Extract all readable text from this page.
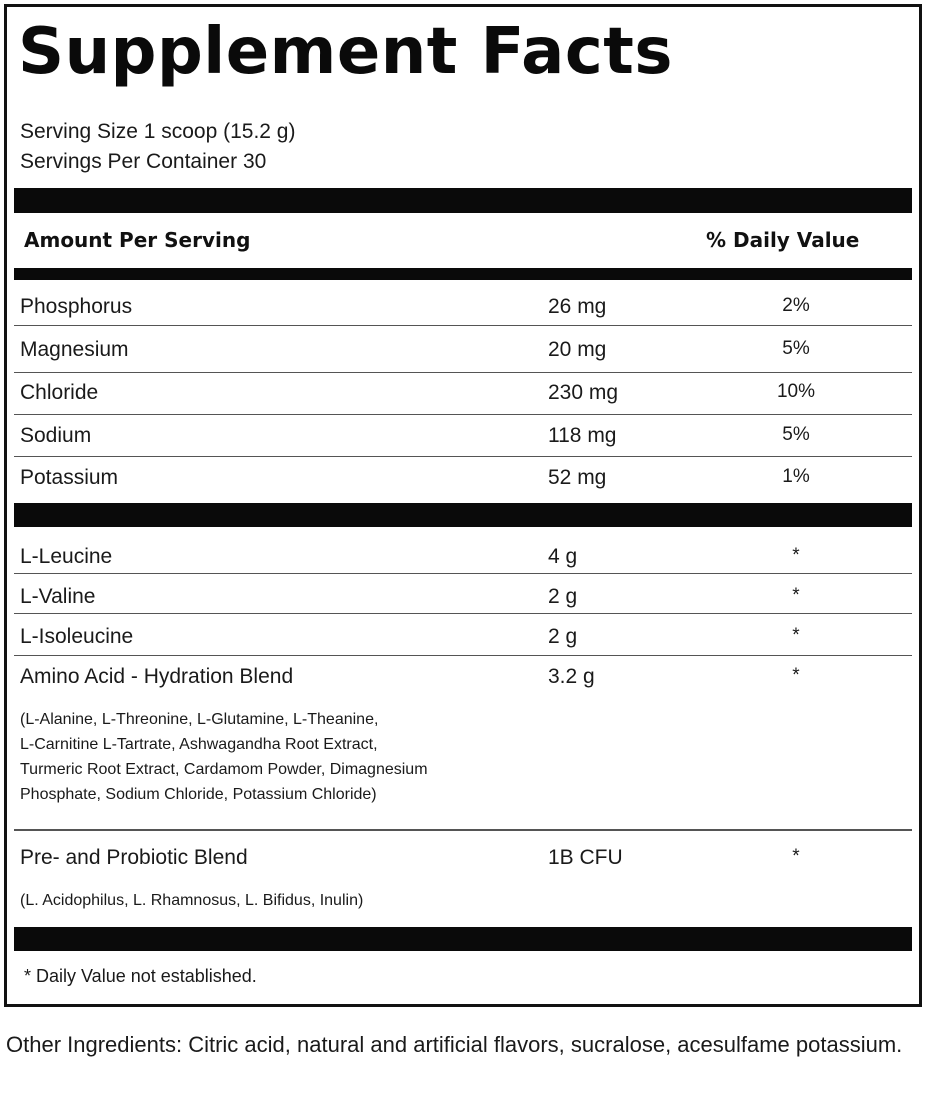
Supplement Facts
Serving Size 1 scoop (15.2 g)
Servings Per Container 30
Amount Per Serving	% Daily Value
Phosphorus	26 mg	2%
Magnesium	20 mg	5%
Chloride	230 mg	10%
Sodium	118 mg	5%
Potassium	52 mg	1%
L-Leucine	4 g	*
L-Valine	2 g	*
L-Isoleucine	2 g	*
Amino Acid - Hydration Blend	3.2 g	*
(L-Alanine, L-Threonine, L-Glutamine, L-Theanine,
L-Carnitine L-Tartrate, Ashwagandha Root Extract,
Turmeric Root Extract, Cardamom Powder, Dimagnesium
Phosphate, Sodium Chloride, Potassium Chloride)
Pre- and Probiotic Blend	1B CFU	*
(L. Acidophilus, L. Rhamnosus, L. Bifidus, Inulin)
* Daily Value not established.

Other Ingredients: Citric acid, natural and artificial flavors, sucralose, acesulfame potassium.
